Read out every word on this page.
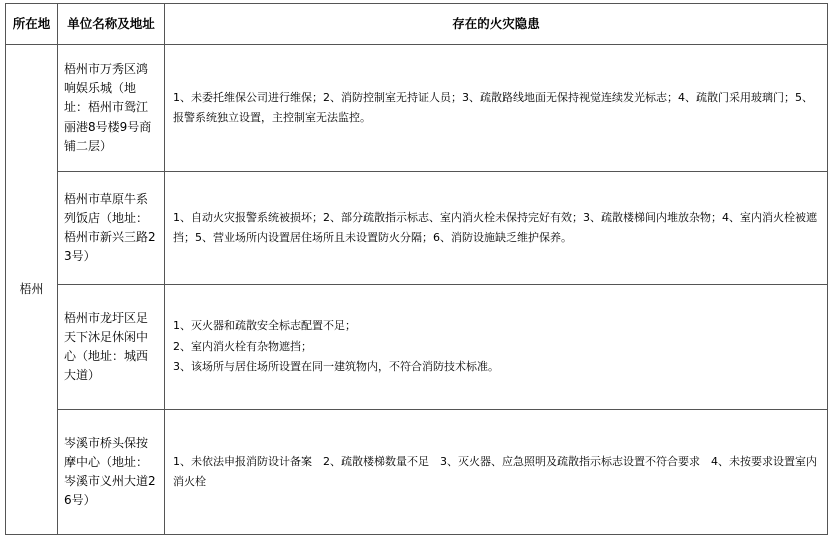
所在地	单位名称及地址	存在的火灾隐患
梧州	梧州市万秀区鸿响娱乐城（地址：梧州市鸳江丽港8号楼9号商铺二层）	1、未委托维保公司进行维保；2、消防控制室无持证人员；3、疏散路线地面无保持视觉连续发光标志；4、疏散门采用玻璃门；5、报警系统独立设置，主控制室无法监控。
	梧州市草原牛系列饭店（地址：梧州市新兴三路23号）	1、自动火灾报警系统被损坏；2、部分疏散指示标志、室内消火栓未保持完好有效；3、疏散楼梯间内堆放杂物；4、室内消火栓被遮挡；5、营业场所内设置居住场所且未设置防火分隔；6、消防设施缺乏维护保养。
	梧州市龙圩区足天下沐足休闲中心（地址：城西大道）	1、灭火器和疏散安全标志配置不足；
2、室内消火栓有杂物遮挡；
3、该场所与居住场所设置在同一建筑物内，不符合消防技术标准。

	岑溪市桥头保按摩中心（地址：岑溪市义州大道26号）	1、未依法申报消防设计备案　2、疏散楼梯数量不足　3、灭火器、应急照明及疏散指示标志设置不符合要求　4、未按要求设置室内消火栓
